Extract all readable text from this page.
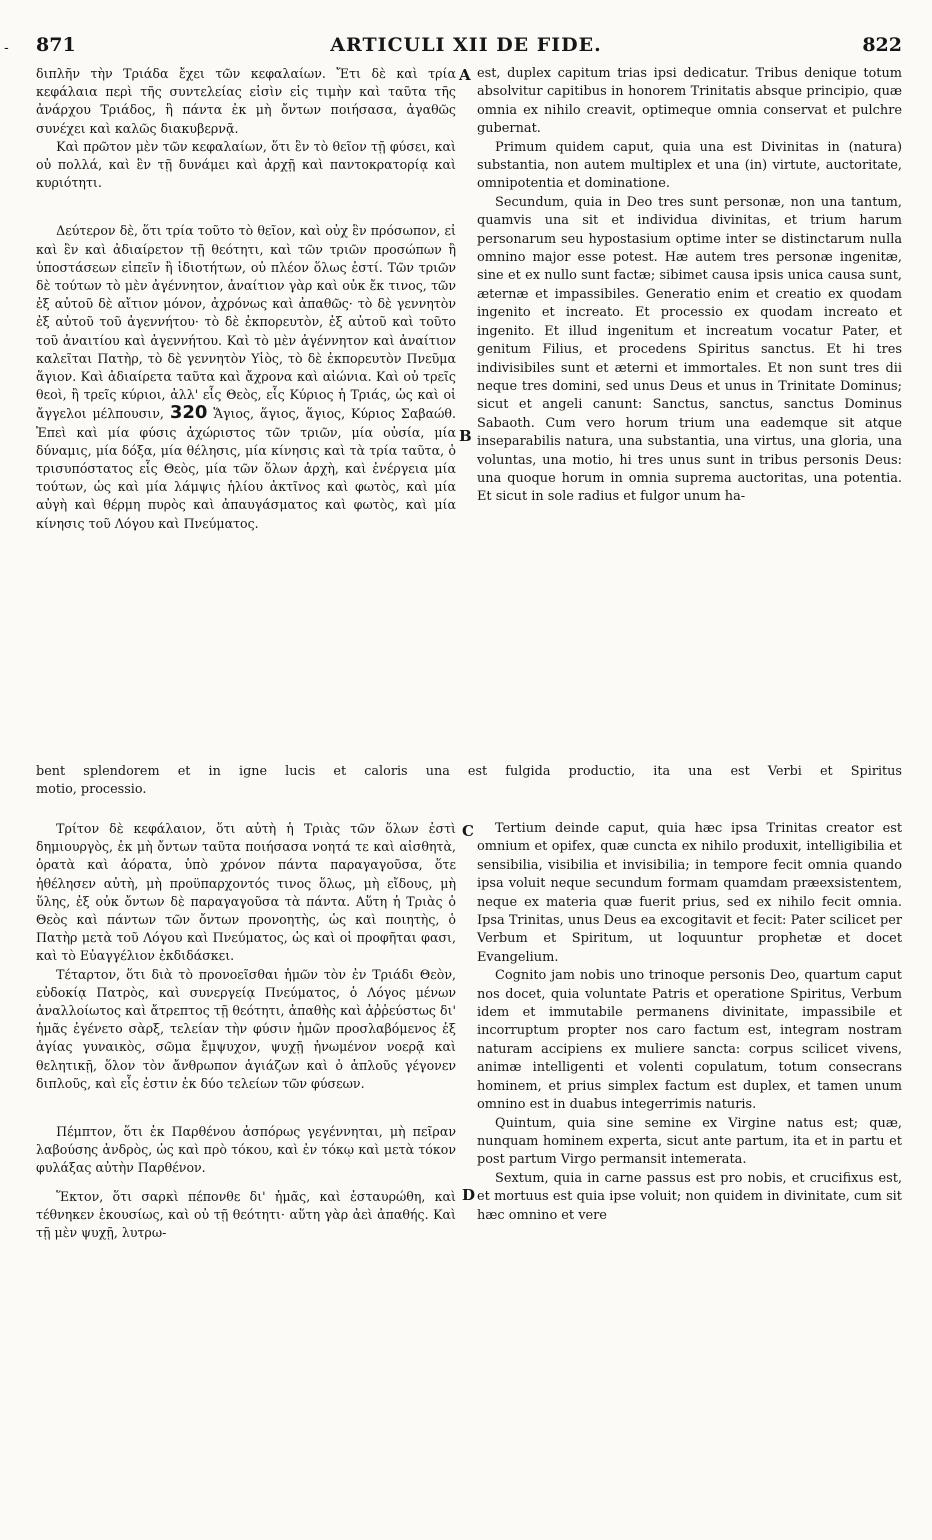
- 871	ARTICULI XII DE FIDE.	822
A
B
C
D

διπλῆν τὴν Τριάδα ἔχει τῶν κεφαλαίων. Ἔτι δὲ καὶ τρία κεφάλαια περὶ τῆς συντελείας εἰσὶν εἰς τιμὴν καὶ ταῦτα τῆς ἀνάρχου Τριάδος, ἣ πάντα ἐκ μὴ ὄντων ποιήσασα, ἀγαθῶς συνέχει καὶ καλῶς διακυβερνᾷ.

Καὶ πρῶτον μὲν τῶν κεφαλαίων, ὅτι ἓν τὸ θεῖον τῇ φύσει, καὶ οὐ πολλά, καὶ ἓν τῇ δυνάμει καὶ ἀρχῇ καὶ παντοκρατορίᾳ καὶ κυριότητι.

Δεύτερον δὲ, ὅτι τρία τοῦτο τὸ θεῖον, καὶ οὐχ ἓν πρόσωπον, εἰ καὶ ἓν καὶ ἀδιαίρετον τῇ θεότητι, καὶ τῶν τριῶν προσώπων ἢ ὑποστάσεων εἰπεῖν ἢ ἰδιοτήτων, οὐ πλέον ὅλως ἐστί. Τῶν τριῶν δὲ τούτων τὸ μὲν ἀγέννητον, ἀναίτιον γὰρ καὶ οὐκ ἔκ τινος, τῶν ἐξ αὐτοῦ δὲ αἴτιον μόνον, ἀχρόνως καὶ ἀπαθῶς· τὸ δὲ γεννητὸν ἐξ αὐτοῦ τοῦ ἀγεννήτου· τὸ δὲ ἐκπορευτὸν, ἐξ αὐτοῦ καὶ τοῦτο τοῦ ἀναιτίου καὶ ἀγεννήτου. Καὶ τὸ μὲν ἀγέννητον καὶ ἀναίτιον καλεῖται Πατὴρ, τὸ δὲ γεννητὸν Υἱὸς, τὸ δὲ ἐκπορευτὸν Πνεῦμα ἅγιον. Καὶ ἀδιαίρετα ταῦτα καὶ ἄχρονα καὶ αἰώνια. Καὶ οὐ τρεῖς θεοὶ, ἢ τρεῖς κύριοι, ἀλλ' εἷς Θεὸς, εἷς Κύριος ἡ Τριάς, ὡς καὶ οἱ ἄγγελοι μέλπουσιν, 320 Ἅγιος, ἅγιος, ἅγιος, Κύριος Σαβαώθ. Ἐπεὶ καὶ μία φύσις ἀχώριστος τῶν τριῶν, μία οὐσία, μία δύναμις, μία δόξα, μία θέλησις, μία κίνησις καὶ τὰ τρία ταῦτα, ὁ τρισυπόστατος εἷς Θεὸς, μία τῶν ὅλων ἀρχὴ, καὶ ἐνέργεια μία τούτων, ὡς καὶ μία λάμψις ἡλίου ἀκτῖνος καὶ φωτὸς, καὶ μία αὐγὴ καὶ θέρμη πυρὸς καὶ ἀπαυγάσματος καὶ φωτὸς, καὶ μία κίνησις τοῦ Λόγου καὶ Πνεύματος.

est, duplex capitum trias ipsi dedicatur. Tribus denique totum absolvitur capitibus in honorem Trinitatis absque principio, quæ omnia ex nihilo creavit, optimeque omnia conservat et pulchre gubernat.

Primum quidem caput, quia una est Divinitas in (natura) substantia, non autem multiplex et una (in) virtute, auctoritate, omnipotentia et dominatione.

Secundum, quia in Deo tres sunt personæ, non una tantum, quamvis una sit et individua divinitas, et trium harum personarum seu hypostasium optime inter se distinctarum nulla omnino major esse potest. Hæ autem tres personæ ingenitæ, sine et ex nullo sunt factæ; sibimet causa ipsis unica causa sunt, æternæ et impassibiles. Generatio enim et creatio ex quodam ingenito et increato. Et processio ex quodam increato et ingenito. Et illud ingenitum et increatum vocatur Pater, et genitum Filius, et procedens Spiritus sanctus. Et hi tres indivisibiles sunt et æterni et immortales. Et non sunt tres dii neque tres domini, sed unus Deus et unus in Trinitate Dominus; sicut et angeli canunt: Sanctus, sanctus, sanctus Dominus Sabaoth. Cum vero horum trium una eademque sit atque inseparabilis natura, una substantia, una virtus, una gloria, una voluntas, una motio, hi tres unus sunt in tribus personis Deus: una quoque horum in omnia suprema auctoritas, una potentia. Et sicut in sole radius et fulgor unum ha-

bent splendorem et in igne lucis et caloris una est fulgida productio, ita una est Verbi et Spiritus
motio, processio.

Τρίτον δὲ κεφάλαιον, ὅτι αὐτὴ ἡ Τριὰς τῶν ὅλων ἐστὶ δημιουργὸς, ἐκ μὴ ὄντων ταῦτα ποιήσασα νοητά τε καὶ αἰσθητὰ, ὁρατὰ καὶ ἀόρατα, ὑπὸ χρόνον πάντα παραγαγοῦσα, ὅτε ἠθέλησεν αὐτὴ, μὴ προϋπαρχοντός τινος ὅλως, μὴ εἴδους, μὴ ὕλης, ἐξ οὐκ ὄντων δὲ παραγαγοῦσα τὰ πάντα. Αὕτη ἡ Τριὰς ὁ Θεὸς καὶ πάντων τῶν ὄντων προνοητὴς, ὡς καὶ ποιητὴς, ὁ Πατὴρ μετὰ τοῦ Λόγου καὶ Πνεύματος, ὡς καὶ οἱ προφῆται φασι, καὶ τὸ Εὐαγγέλιον ἐκδιδάσκει.

Τέταρτον, ὅτι διὰ τὸ προνοεῖσθαι ἡμῶν τὸν ἐν Τριάδι Θεὸν, εὐδοκίᾳ Πατρὸς, καὶ συνεργείᾳ Πνεύματος, ὁ Λόγος μένων ἀναλλοίωτος καὶ ἄτρεπτος τῇ θεότητι, ἀπαθὴς καὶ ἀῤῥεύστως δι' ἡμᾶς ἐγένετο σὰρξ, τελείαν τὴν φύσιν ἡμῶν προσλαβόμενος ἐξ ἁγίας γυναικὸς, σῶμα ἔμψυχον, ψυχῇ ἡνωμένον νοερᾷ καὶ θελητικῇ, ὅλον τὸν ἄνθρωπον ἁγιάζων καὶ ὁ ἁπλοῦς γέγονεν διπλοῦς, καὶ εἷς ἐστιν ἐκ δύο τελείων τῶν φύσεων.

Πέμπτον, ὅτι ἐκ Παρθένου ἀσπόρως γεγέννηται, μὴ πεῖραν λαβούσης ἀνδρὸς, ὡς καὶ πρὸ τόκου, καὶ ἐν τόκῳ καὶ μετὰ τόκον φυλάξας αὐτὴν Παρθένον.

Ἕκτον, ὅτι σαρκὶ πέπονθε δι' ἡμᾶς, καὶ ἐσταυρώθη, καὶ τέθνηκεν ἑκουσίως, καὶ οὐ τῇ θεότητι· αὕτη γὰρ ἀεὶ ἀπαθής. Καὶ τῇ μὲν ψυχῇ, λυτρω-

Tertium deinde caput, quia hæc ipsa Trinitas creator est omnium et opifex, quæ cuncta ex nihilo produxit, intelligibilia et sensibilia, visibilia et invisibilia; in tempore fecit omnia quando ipsa voluit neque secundum formam quamdam præexsistentem, neque ex materia quæ fuerit prius, sed ex nihilo fecit omnia. Ipsa Trinitas, unus Deus ea excogitavit et fecit: Pater scilicet per Verbum et Spiritum, ut loquuntur prophetæ et docet Evangelium.

Cognito jam nobis uno trinoque personis Deo, quartum caput nos docet, quia voluntate Patris et operatione Spiritus, Verbum idem et immutabile permanens divinitate, impassibile et incorruptum propter nos caro factum est, integram nostram naturam accipiens ex muliere sancta: corpus scilicet vivens, animæ intelligenti et volenti copulatum, totum consecrans hominem, et prius simplex factum est duplex, et tamen unum omnino est in duabus integerrimis naturis.

Quintum, quia sine semine ex Virgine natus est; quæ, nunquam hominem experta, sicut ante partum, ita et in partu et post partum Virgo permansit intemerata.

Sextum, quia in carne passus est pro nobis, et crucifixus est, et mortuus est quia ipse voluit; non quidem in divinitate, cum sit hæc omnino et vere
